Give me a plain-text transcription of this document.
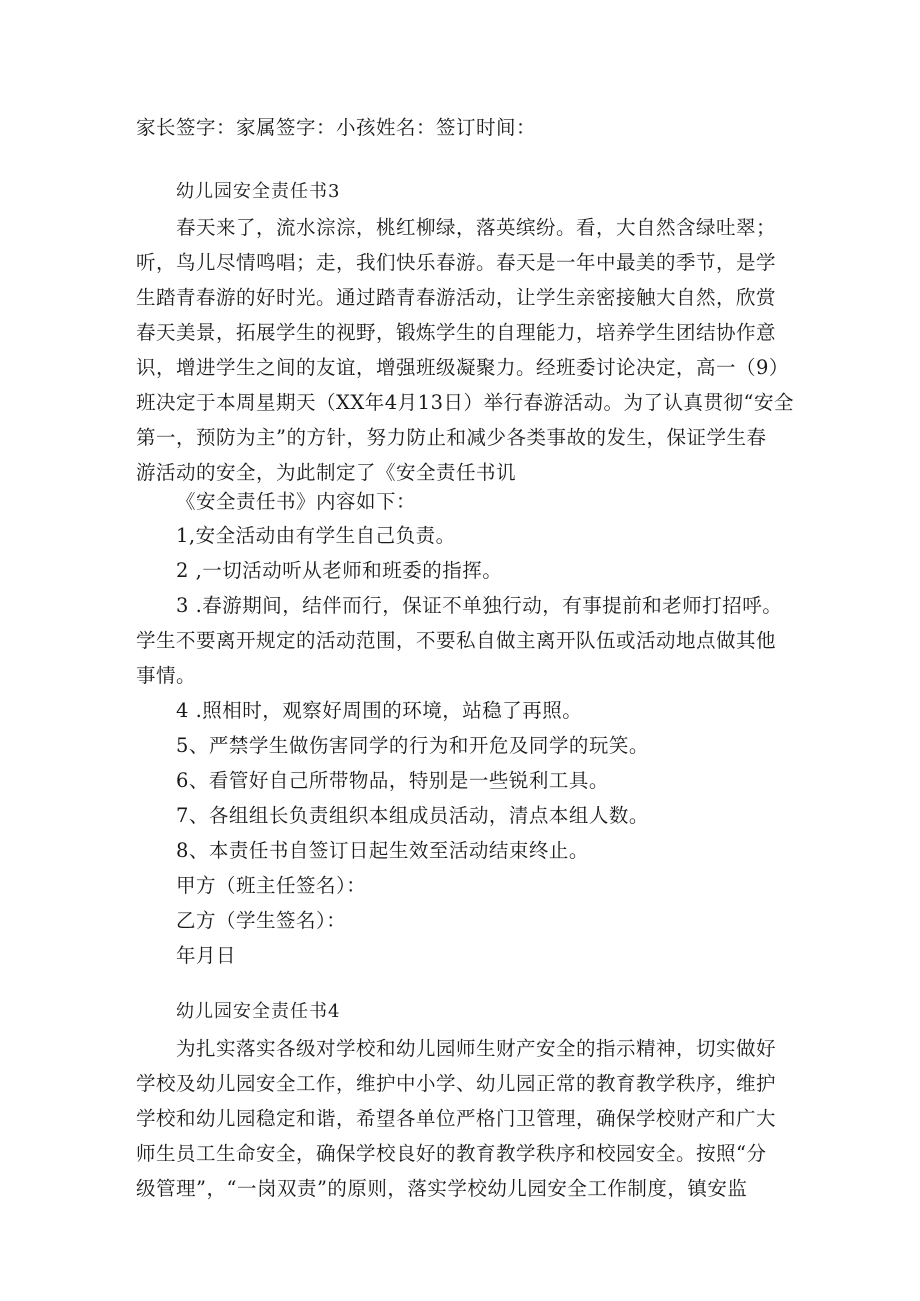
家长签字：家属签字：小孩姓名：签订时间：
幼儿园安全责任书3
春天来了，流水淙淙，桃红柳绿，落英缤纷。看，大自然含绿吐翠；
听，鸟儿尽情鸣唱；走，我们快乐春游。春天是一年中最美的季节，是学
生踏青春游的好时光。通过踏青春游活动，让学生亲密接触大自然，欣赏
春天美景，拓展学生的视野，锻炼学生的自理能力，培养学生团结协作意
识，增进学生之间的友谊，增强班级凝聚力。经班委讨论决定，高一（9）
班决定于本周星期天（XX年4月13日）举行春游活动。为了认真贯彻“安全
第一，预防为主”的方针，努力防止和减少各类事故的发生，保证学生春
游活动的安全，为此制定了《安全责任书讥
《安全责任书》内容如下：
1,安全活动由有学生自己负责。
2 ,一切活动听从老师和班委的指挥。
3 .春游期间，结伴而行，保证不单独行动，有事提前和老师打招呼。
学生不要离开规定的活动范围，不要私自做主离开队伍或活动地点做其他
事情。
4 .照相时，观察好周围的环境，站稳了再照。
5、严禁学生做伤害同学的行为和开危及同学的玩笑。
6、看管好自己所带物品，特别是一些锐利工具。
7、各组组长负责组织本组成员活动，清点本组人数。
8、本责任书自签订日起生效至活动结束终止。
甲方（班主任签名）：
乙方（学生签名）：
年月日
幼儿园安全责任书4
为扎实落实各级对学校和幼儿园师生财产安全的指示精神，切实做好
学校及幼儿园安全工作，维护中小学、幼儿园正常的教育教学秩序，维护
学校和幼儿园稳定和谐，希望各单位严格门卫管理，确保学校财产和广大
师生员工生命安全，确保学校良好的教育教学秩序和校园安全。按照“分
级管理”，“一岗双责”的原则，落实学校幼儿园安全工作制度，镇安监
